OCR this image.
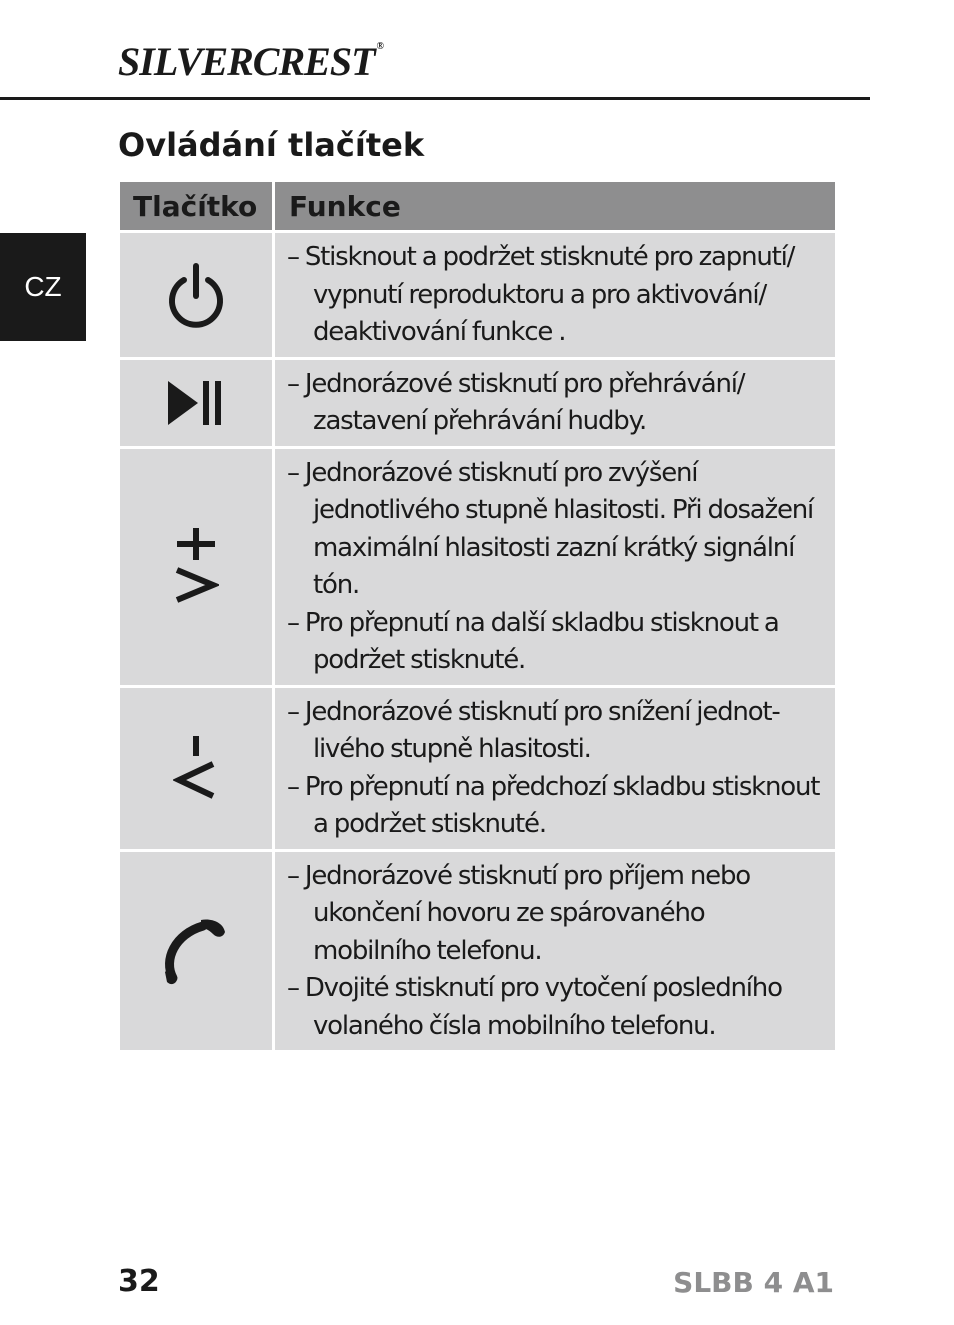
SILVERCREST ®
CZ
Ovládání tlačítek
Tlačítko Funkce
– Stisknout a podržet stisknuté pro zapnutí/ vypnutí reproduktoru a pro aktivování/ deaktivování funkce .
– Jednorázové stisknutí pro přehrávání/ zastavení přehrávání hudby.
– Jednorázové stisknutí pro zvýšení jednotlivého stupně hlasitosti. Při dosažení maximální hlasitosti zazní krátký signální tón.
– Pro přepnutí na další skladbu stisknout a podržet stisknuté.
– Jednorázové stisknutí pro snížení jednot-livého stupně hlasitosti.
– Pro přepnutí na předchozí skladbu stisknout a podržet stisknuté.
– Jednorázové stisknutí pro příjem nebo ukončení hovoru ze spárovaného mobilního telefonu.
– Dvojité stisknutí pro vytočení posledního volaného čísla mobilního telefonu.
32	SLBB 4 A1
